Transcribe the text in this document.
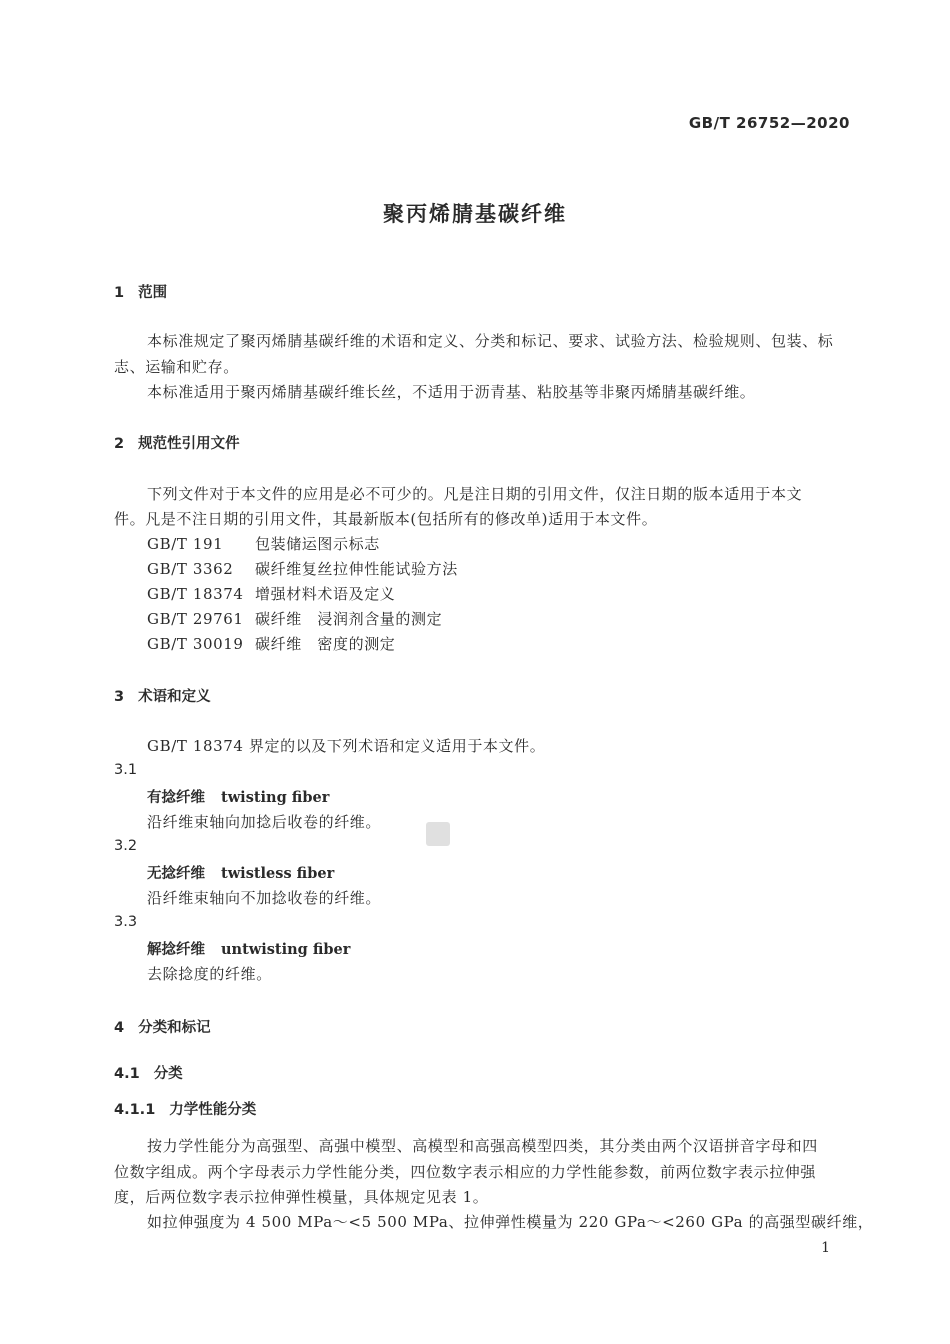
GB/T 26752—2020
聚丙烯腈基碳纤维
1 范围
本标准规定了聚丙烯腈基碳纤维的术语和定义、分类和标记、要求、试验方法、检验规则、包装、标
志、运输和贮存。
本标准适用于聚丙烯腈基碳纤维长丝，不适用于沥青基、粘胶基等非聚丙烯腈基碳纤维。
2 规范性引用文件
下列文件对于本文件的应用是必不可少的。凡是注日期的引用文件，仅注日期的版本适用于本文
件。凡是不注日期的引用文件，其最新版本(包括所有的修改单)适用于本文件。
GB/T 191 包装储运图示标志
GB/T 3362 碳纤维复丝拉伸性能试验方法
GB/T 18374 增强材料术语及定义
GB/T 29761 碳纤维　浸润剂含量的测定
GB/T 30019 碳纤维　密度的测定
3 术语和定义
GB/T 18374 界定的以及下列术语和定义适用于本文件。
3.1
有捻纤维 twisting fiber
沿纤维束轴向加捻后收卷的纤维。
3.2
无捻纤维 twistless fiber
沿纤维束轴向不加捻收卷的纤维。
3.3
解捻纤维 untwisting fiber
去除捻度的纤维。
4 分类和标记
4.1 分类
4.1.1 力学性能分类
按力学性能分为高强型、高强中模型、高模型和高强高模型四类，其分类由两个汉语拼音字母和四
位数字组成。两个字母表示力学性能分类，四位数字表示相应的力学性能参数，前两位数字表示拉伸强
度，后两位数字表示拉伸弹性模量，具体规定见表 1。
如拉伸强度为 4 500 MPa～<5 500 MPa、拉伸弹性模量为 220 GPa～<260 GPa 的高强型碳纤维，
1
